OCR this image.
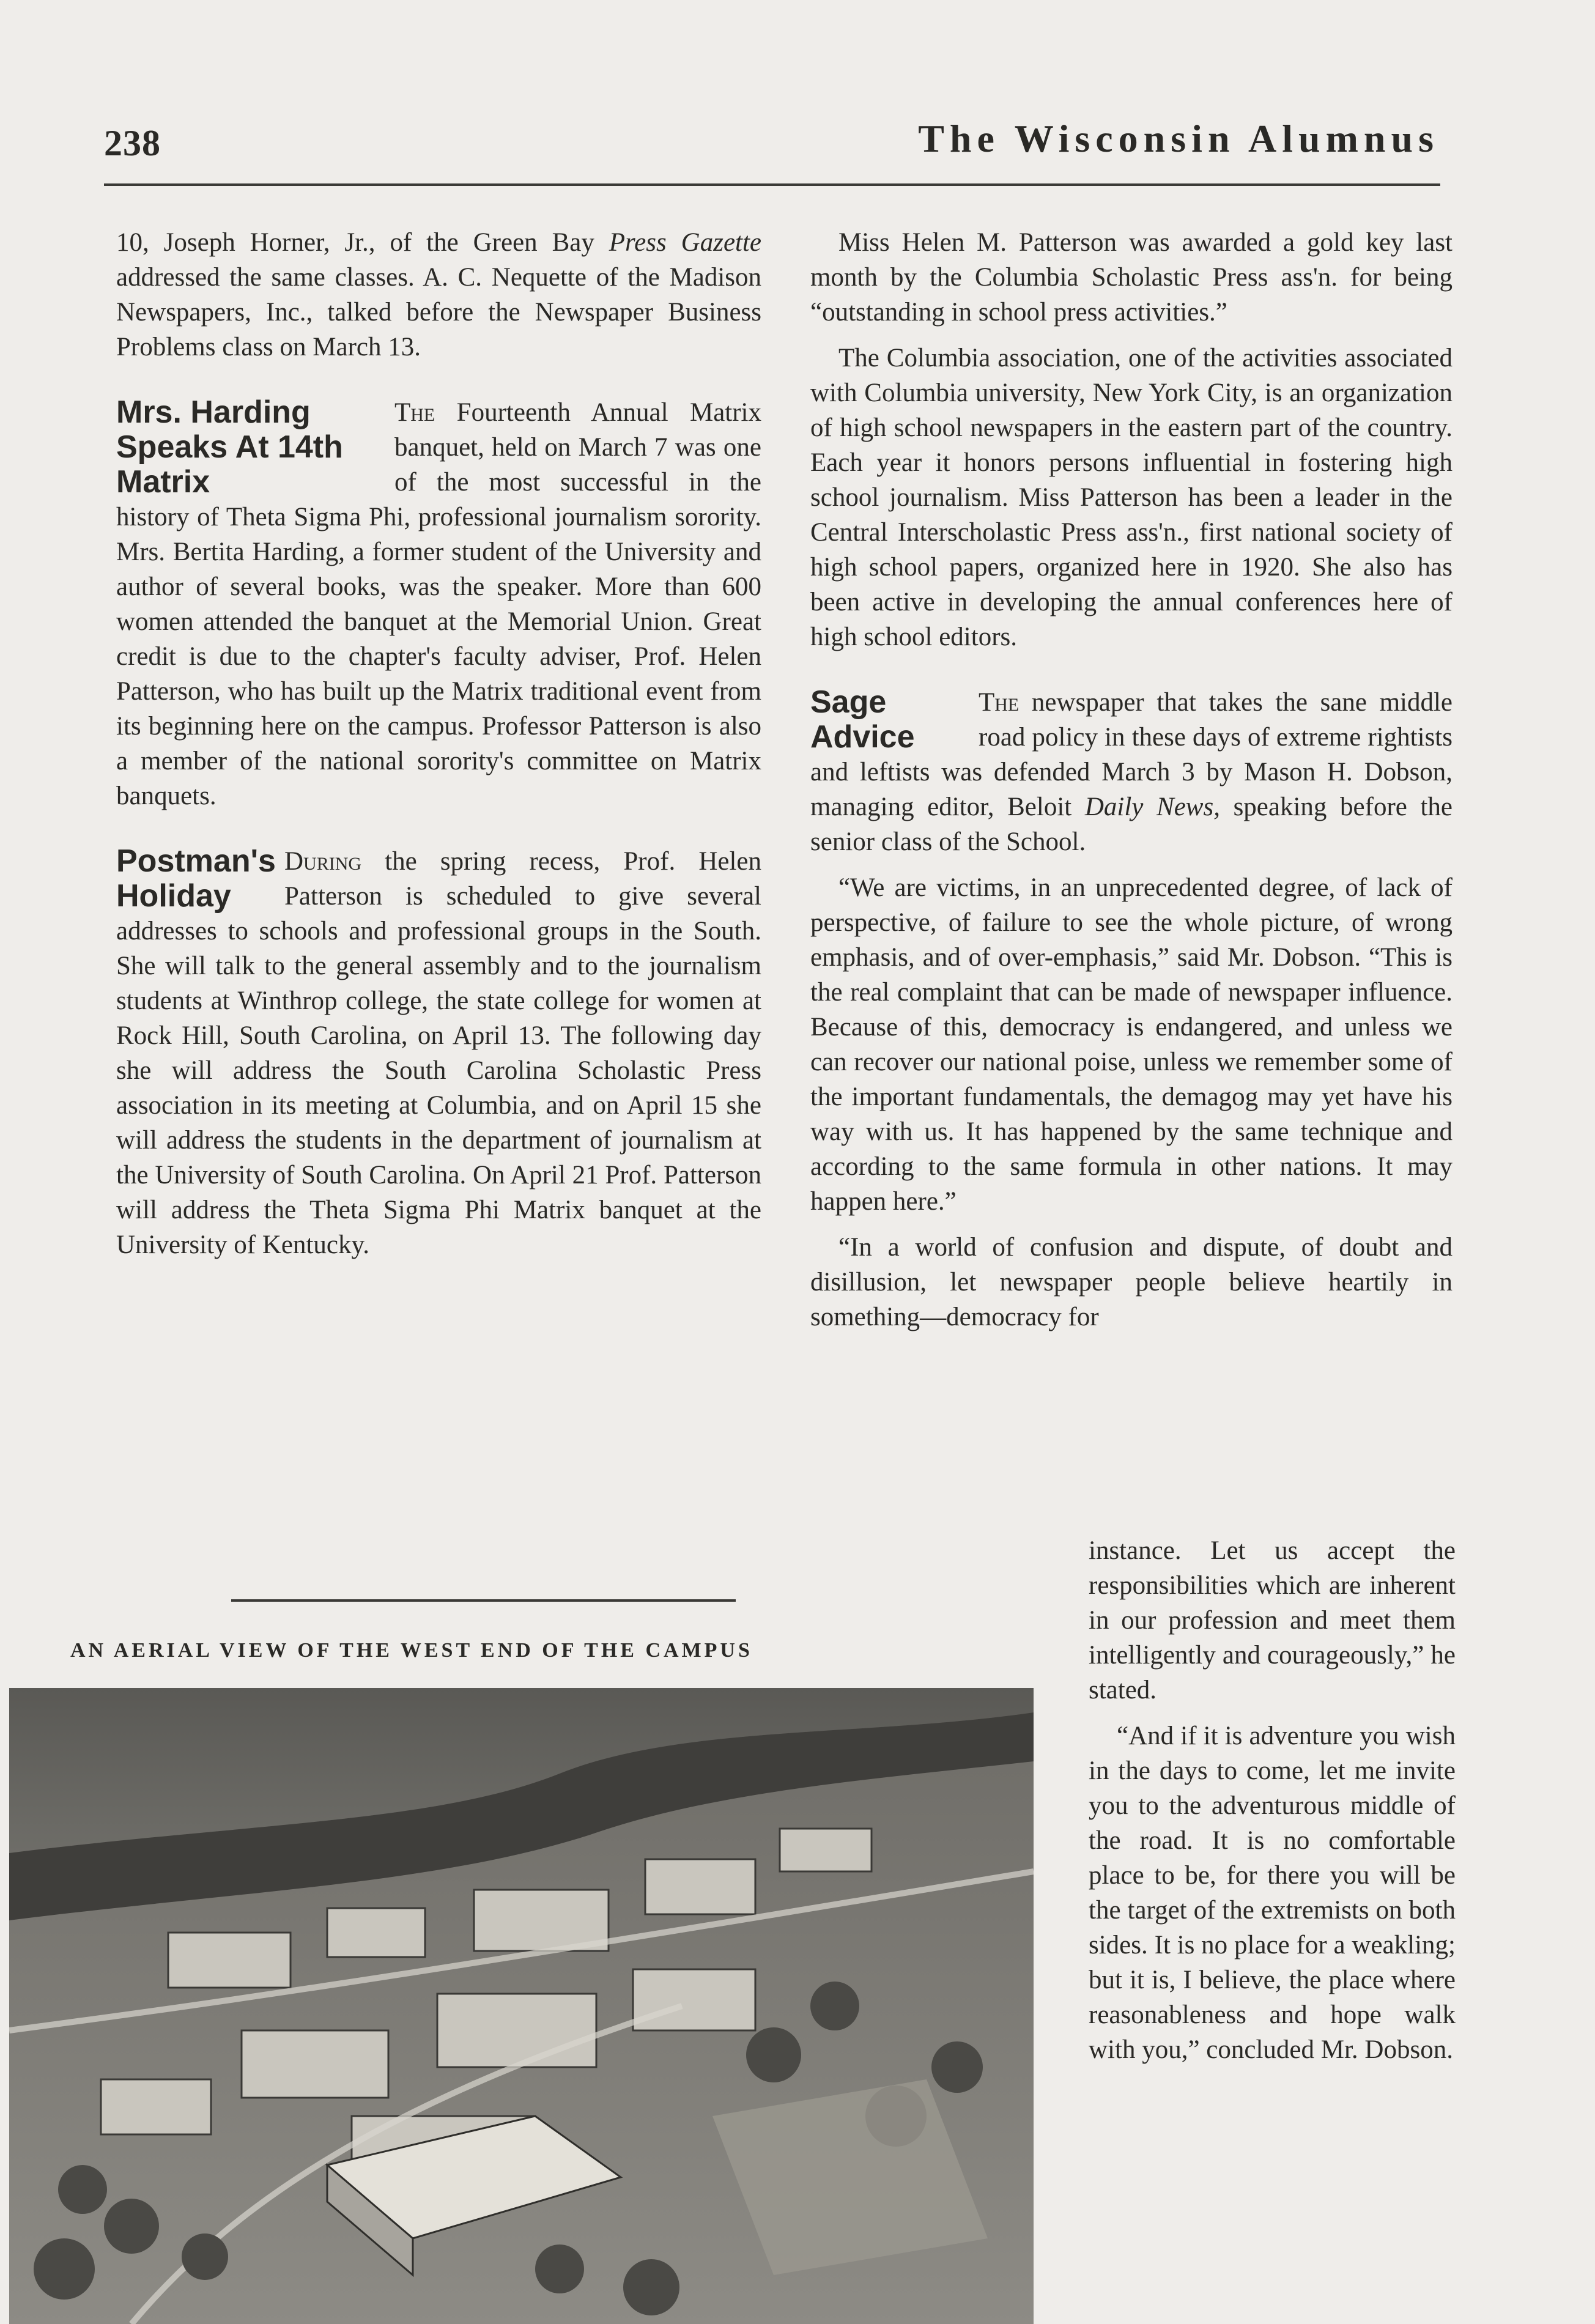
238	The Wisconsin Alumnus

10, Joseph Horner, Jr., of the Green Bay Press Gazette addressed the same classes. A. C. Nequette of the Madison Newspapers, Inc., talked before the Newspaper Business Problems class on March 13.

Mrs. Harding Speaks At 14th Matrix

The Fourteenth Annual Matrix banquet, held on March 7 was one of the most successful in the history of Theta Sigma Phi, professional journalism sorority. Mrs. Bertita Harding, a former student of the University and author of several books, was the speaker. More than 600 women attended the banquet at the Memorial Union. Great credit is due to the chapter's faculty adviser, Prof. Helen Patterson, who has built up the Matrix traditional event from its beginning here on the campus. Professor Patterson is also a member of the national sorority's committee on Matrix banquets.

Postman's Holiday

During the spring recess, Prof. Helen Patterson is scheduled to give several addresses to schools and professional groups in the South. She will talk to the general assembly and to the journalism students at Winthrop college, the state college for women at Rock Hill, South Carolina, on April 13. The following day she will address the South Carolina Scholastic Press association in its meeting at Columbia, and on April 15 she will address the students in the department of journalism at the University of South Carolina. On April 21 Prof. Patterson will address the Theta Sigma Phi Matrix banquet at the University of Kentucky.

Miss Helen M. Patterson was awarded a gold key last month by the Columbia Scholastic Press ass'n. for being “outstanding in school press activities.”

The Columbia association, one of the activities associated with Columbia university, New York City, is an organization of high school newspapers in the eastern part of the country. Each year it honors persons influential in fostering high school journalism. Miss Patterson has been a leader in the Central Interscholastic Press ass'n., first national society of high school papers, organized here in 1920. She also has been active in developing the annual conferences here of high school editors.

Sage Advice

The newspaper that takes the sane middle road policy in these days of extreme rightists and leftists was defended March 3 by Mason H. Dobson, managing editor, Beloit Daily News, speaking before the senior class of the School.

“We are victims, in an unprecedented degree, of lack of perspective, of failure to see the whole picture, of wrong emphasis, and of over-emphasis,” said Mr. Dobson. “This is the real complaint that can be made of newspaper influence. Because of this, democracy is endangered, and unless we can recover our national poise, unless we remember some of the important fundamentals, the demagog may yet have his way with us. It has happened by the same technique and according to the same formula in other nations. It may happen here.”

“In a world of confusion and dispute, of doubt and disillusion, let newspaper people believe heartily in something—democracy for

instance. Let us accept the responsibilities which are inherent in our profession and meet them intelligently and courageously,” he stated.

“And if it is adventure you wish in the days to come, let me invite you to the adventurous middle of the road. It is no comfortable place to be, for there you will be the target of the extremists on both sides. It is no place for a weakling; but it is, I believe, the place where reasonableness and hope walk with you,” concluded Mr. Dobson.

AN AERIAL VIEW OF THE WEST END OF THE CAMPUS
